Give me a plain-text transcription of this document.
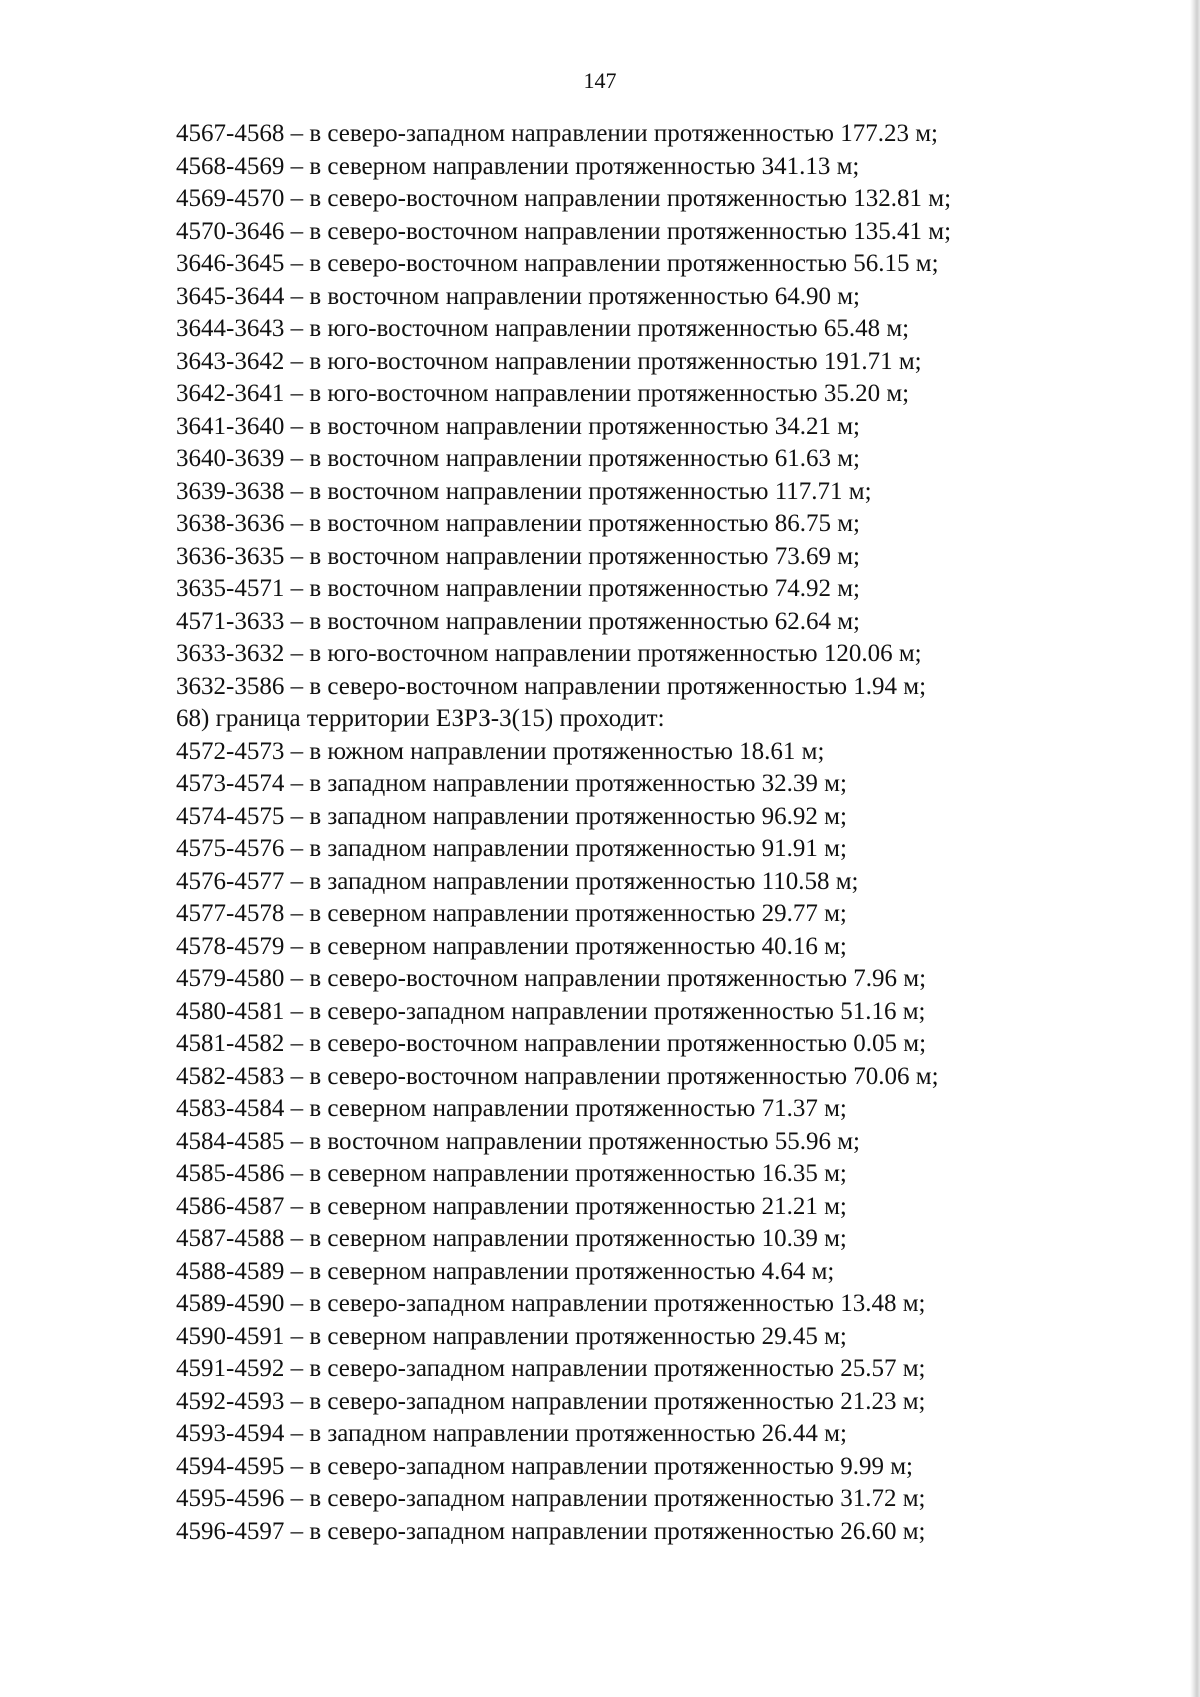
147
4567-4568 – в северо-западном направлении протяженностью 177.23 м;
4568-4569 – в северном направлении протяженностью 341.13 м;
4569-4570 – в северо-восточном направлении протяженностью 132.81 м;
4570-3646 – в северо-восточном направлении протяженностью 135.41 м;
3646-3645 – в северо-восточном направлении протяженностью 56.15 м;
3645-3644 – в восточном направлении протяженностью 64.90 м;
3644-3643 – в юго-восточном направлении протяженностью 65.48 м;
3643-3642 – в юго-восточном направлении протяженностью 191.71 м;
3642-3641 – в юго-восточном направлении протяженностью 35.20 м;
3641-3640 – в восточном направлении протяженностью 34.21 м;
3640-3639 – в восточном направлении протяженностью 61.63 м;
3639-3638 – в восточном направлении протяженностью 117.71 м;
3638-3636 – в восточном направлении протяженностью 86.75 м;
3636-3635 – в восточном направлении протяженностью 73.69 м;
3635-4571 – в восточном направлении протяженностью 74.92 м;
4571-3633 – в восточном направлении протяженностью 62.64 м;
3633-3632 – в юго-восточном направлении протяженностью 120.06 м;
3632-3586 – в северо-восточном направлении протяженностью 1.94 м;
68) граница территории ЕЗРЗ-3(15) проходит:
4572-4573 – в южном направлении протяженностью 18.61 м;
4573-4574 – в западном направлении протяженностью 32.39 м;
4574-4575 – в западном направлении протяженностью 96.92 м;
4575-4576 – в западном направлении протяженностью 91.91 м;
4576-4577 – в западном направлении протяженностью 110.58 м;
4577-4578 – в северном направлении протяженностью 29.77 м;
4578-4579 – в северном направлении протяженностью 40.16 м;
4579-4580 – в северо-восточном направлении протяженностью 7.96 м;
4580-4581 – в северо-западном направлении протяженностью 51.16 м;
4581-4582 – в северо-восточном направлении протяженностью 0.05 м;
4582-4583 – в северо-восточном направлении протяженностью 70.06 м;
4583-4584 – в северном направлении протяженностью 71.37 м;
4584-4585 – в восточном направлении протяженностью 55.96 м;
4585-4586 – в северном направлении протяженностью 16.35 м;
4586-4587 – в северном направлении протяженностью 21.21 м;
4587-4588 – в северном направлении протяженностью 10.39 м;
4588-4589 – в северном направлении протяженностью 4.64 м;
4589-4590 – в северо-западном направлении протяженностью 13.48 м;
4590-4591 – в северном направлении протяженностью 29.45 м;
4591-4592 – в северо-западном направлении протяженностью 25.57 м;
4592-4593 – в северо-западном направлении протяженностью 21.23 м;
4593-4594 – в западном направлении протяженностью 26.44 м;
4594-4595 – в северо-западном направлении протяженностью 9.99 м;
4595-4596 – в северо-западном направлении протяженностью 31.72 м;
4596-4597 – в северо-западном направлении протяженностью 26.60 м;
